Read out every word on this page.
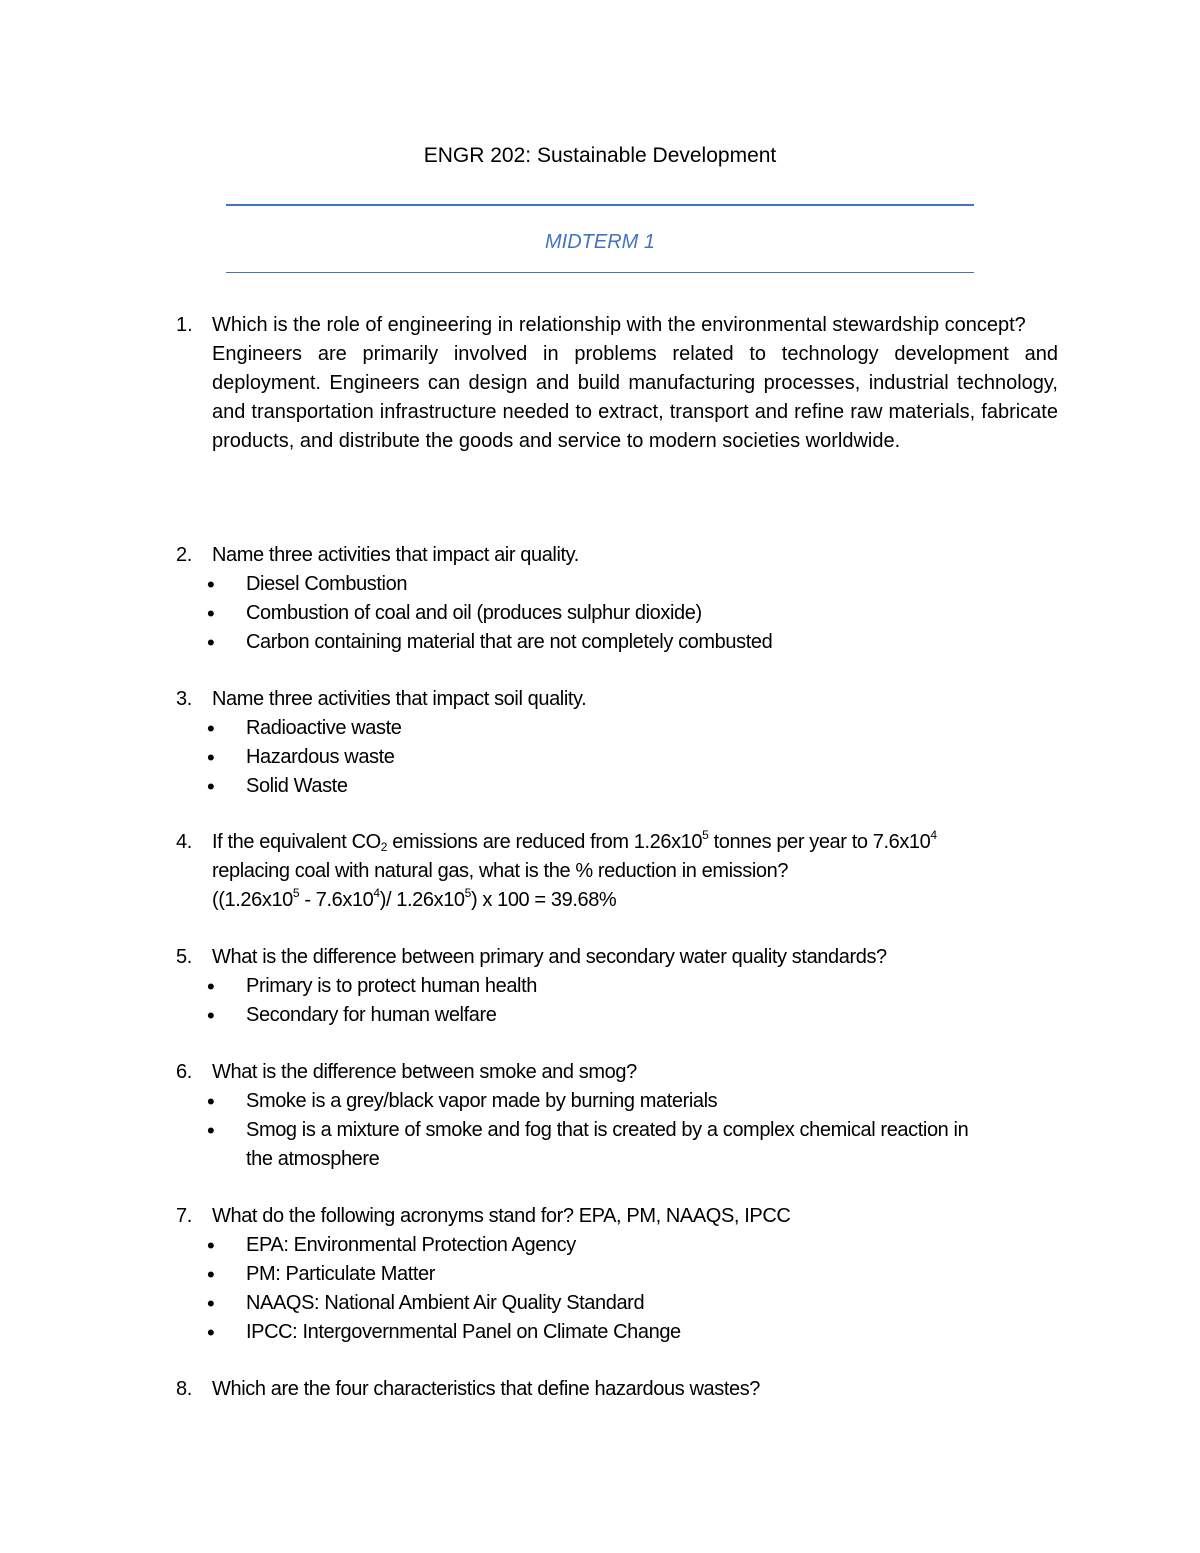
ENGR 202: Sustainable Development
MIDTERM 1
1. Which is the role of engineering in relationship with the environmental stewardship concept?

Engineers are primarily involved in problems related to technology development and deployment. Engineers can design and build manufacturing processes, industrial technology, and transportation infrastructure needed to extract, transport and refine raw materials, fabricate products, and distribute the goods and service to modern societies worldwide.

2.	Name three activities that impact air quality.

• Diesel Combustion
• Combustion of coal and oil (produces sulphur dioxide)
• Carbon containing material that are not completely combusted
3.	Name three activities that impact soil quality.

• Radioactive waste
• Hazardous waste
• Solid Waste
4.	If the equivalent $CO_2$ emissions are reduced from $1.26x10^5$ tonnes per year to $7.6x10^4$

replacing coal with natural gas, what is the % reduction in emission?

($(1.26x10^5 - 7.6x10^4)/$ $1.26x10^5$) x 100 = 39.68%

5.	What is the difference between primary and secondary water quality standards?

• Primary is to protect human health
• Secondary for human welfare
6.	What is the difference between smoke and smog?

• Smoke is a grey/black vapor made by burning materials
• Smog is a mixture of smoke and fog that is created by a complex chemical reaction in the atmosphere
7.	What do the following acronyms stand for? EPA, PM, NAAQS, IPCC

• EPA: Environmental Protection Agency
• PM: Particulate Matter
• NAAQS: National Ambient Air Quality Standard
• IPCC: Intergovernmental Panel on Climate Change
8.	Which are the four characteristics that define hazardous wastes?
